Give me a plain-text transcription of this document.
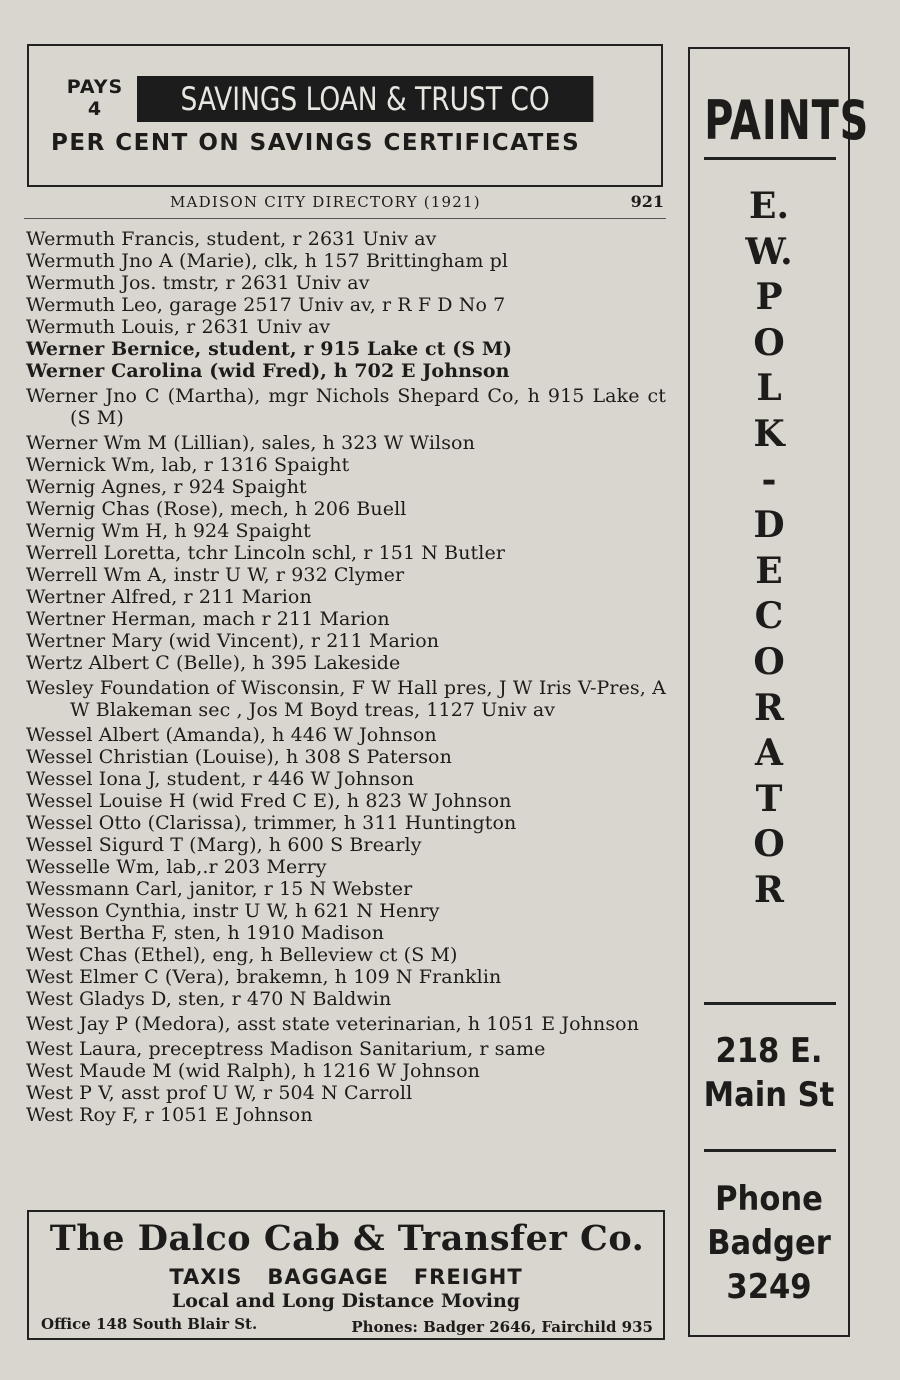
PAYS
4	SAVINGS LOAN & TRUST CO
PER CENT ON SAVINGS CERTIFICATES
MADISON CITY DIRECTORY (1921)	921
Wermuth Francis, student, r 2631 Univ av
Wermuth Jno A (Marie), clk, h 157 Brittingham pl
Wermuth Jos. tmstr, r 2631 Univ av
Wermuth Leo, garage 2517 Univ av, r R F D No 7
Wermuth Louis, r 2631 Univ av
Werner Bernice, student, r 915 Lake ct (S M)
Werner Carolina (wid Fred), h 702 E Johnson
Werner Jno C (Martha), mgr Nichols Shepard Co, h 915 Lake ct (S M)
Werner Wm M (Lillian), sales, h 323 W Wilson
Wernick Wm, lab, r 1316 Spaight
Wernig Agnes, r 924 Spaight
Wernig Chas (Rose), mech, h 206 Buell
Wernig Wm H, h 924 Spaight
Werrell Loretta, tchr Lincoln schl, r 151 N Butler
Werrell Wm A, instr U W, r 932 Clymer
Wertner Alfred, r 211 Marion
Wertner Herman, mach r 211 Marion
Wertner Mary (wid Vincent), r 211 Marion
Wertz Albert C (Belle), h 395 Lakeside
Wesley Foundation of Wisconsin, F W Hall pres, J W Iris V-Pres, A W Blakeman sec , Jos M Boyd treas, 1127 Univ av
Wessel Albert (Amanda), h 446 W Johnson
Wessel Christian (Louise), h 308 S Paterson
Wessel Iona J, student, r 446 W Johnson
Wessel Louise H (wid Fred C E), h 823 W Johnson
Wessel Otto (Clarissa), trimmer, h 311 Huntington
Wessel Sigurd T (Marg), h 600 S Brearly
Wesselle Wm, lab,.r 203 Merry
Wessmann Carl, janitor, r 15 N Webster
Wesson Cynthia, instr U W, h 621 N Henry
West Bertha F, sten, h 1910 Madison
West Chas (Ethel), eng, h Belleview ct (S M)
West Elmer C (Vera), brakemn, h 109 N Franklin
West Gladys D, sten, r 470 N Baldwin
West Jay P (Medora), asst state veterinarian, h 1051 E Johnson
West Laura, preceptress Madison Sanitarium, r same
West Maude M (wid Ralph), h 1216 W Johnson
West P V, asst prof U W, r 504 N Carroll
West Roy F, r 1051 E Johnson
The Dalco Cab & Transfer Co.
TAXIS   BAGGAGE   FREIGHT
Local and Long Distance Moving
Office 148 South Blair St.	Phones: Badger 2646, Fairchild 935
PAINTS
E.
W.
P
O
L
K
-
D
E
C
O
R
A
T
O
R
218 E.
Main St
Phone
Badger
3249
